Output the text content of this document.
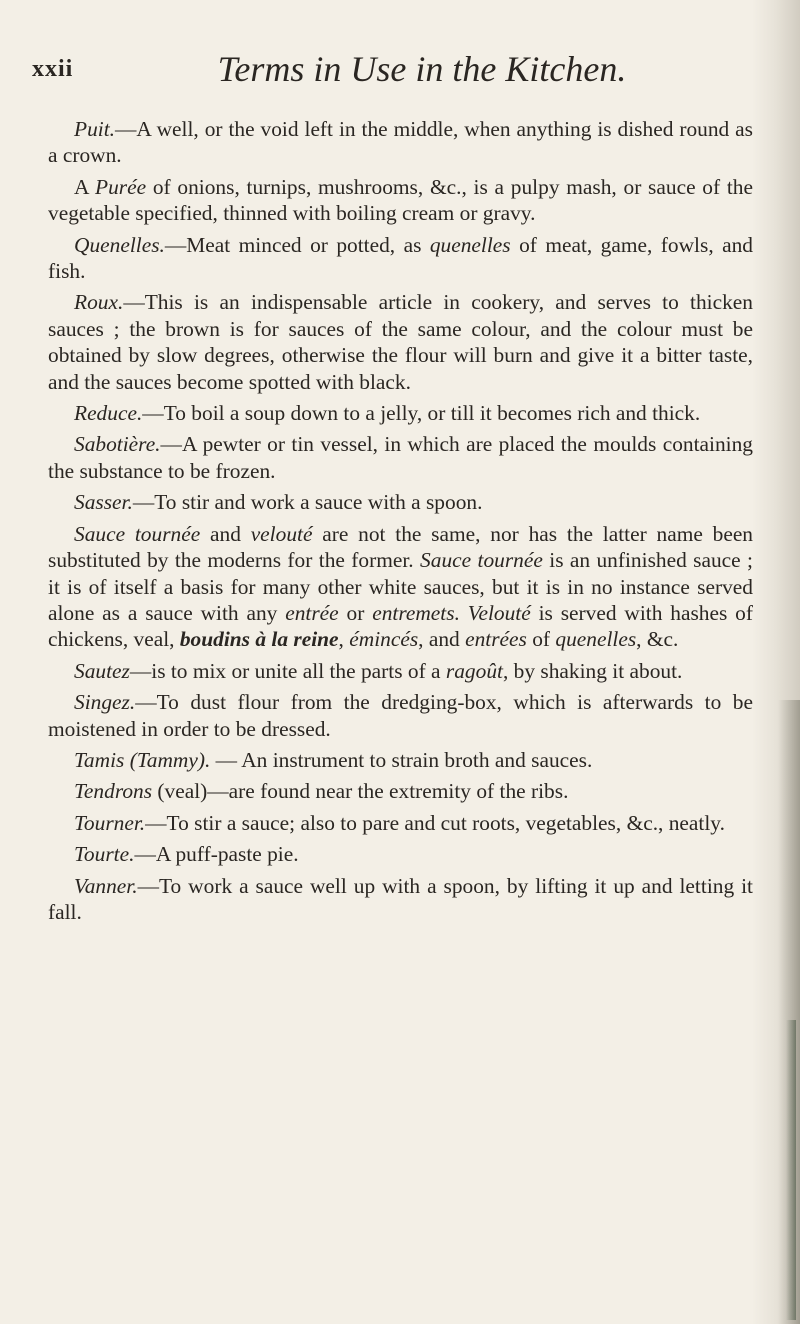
xxii	Terms in Use in the Kitchen.

Puit.—A well, or the void left in the middle, when anything is dished round as a crown.

A Purée of onions, turnips, mushrooms, &c., is a pulpy mash, or sauce of the vegetable specified, thinned with boiling cream or gravy.

Quenelles.—Meat minced or potted, as quenelles of meat, game, fowls, and fish.

Roux.—This is an indispensable article in cookery, and serves to thicken sauces ; the brown is for sauces of the same colour, and the colour must be obtained by slow degrees, otherwise the flour will burn and give it a bitter taste, and the sauces become spotted with black.

Reduce.—To boil a soup down to a jelly, or till it becomes rich and thick.

Sabotière.—A pewter or tin vessel, in which are placed the moulds containing the substance to be frozen.

Sasser.—To stir and work a sauce with a spoon.

Sauce tournée and velouté are not the same, nor has the latter name been substituted by the moderns for the former. Sauce tournée is an unfinished sauce ; it is of itself a basis for many other white sauces, but it is in no instance served alone as a sauce with any entrée or entremets. Velouté is served with hashes of chickens, veal, boudins à la reine, émincés, and entrées of quenelles, &c.

Sautez—is to mix or unite all the parts of a ragoût, by shaking it about.

Singez.—To dust flour from the dredging-box, which is afterwards to be moistened in order to be dressed.

Tamis (Tammy). — An instrument to strain broth and sauces.

Tendrons (veal)—are found near the extremity of the ribs.

Tourner.—To stir a sauce; also to pare and cut roots, vegetables, &c., neatly.

Tourte.—A puff-paste pie.

Vanner.—To work a sauce well up with a spoon, by lifting it up and letting it fall.
